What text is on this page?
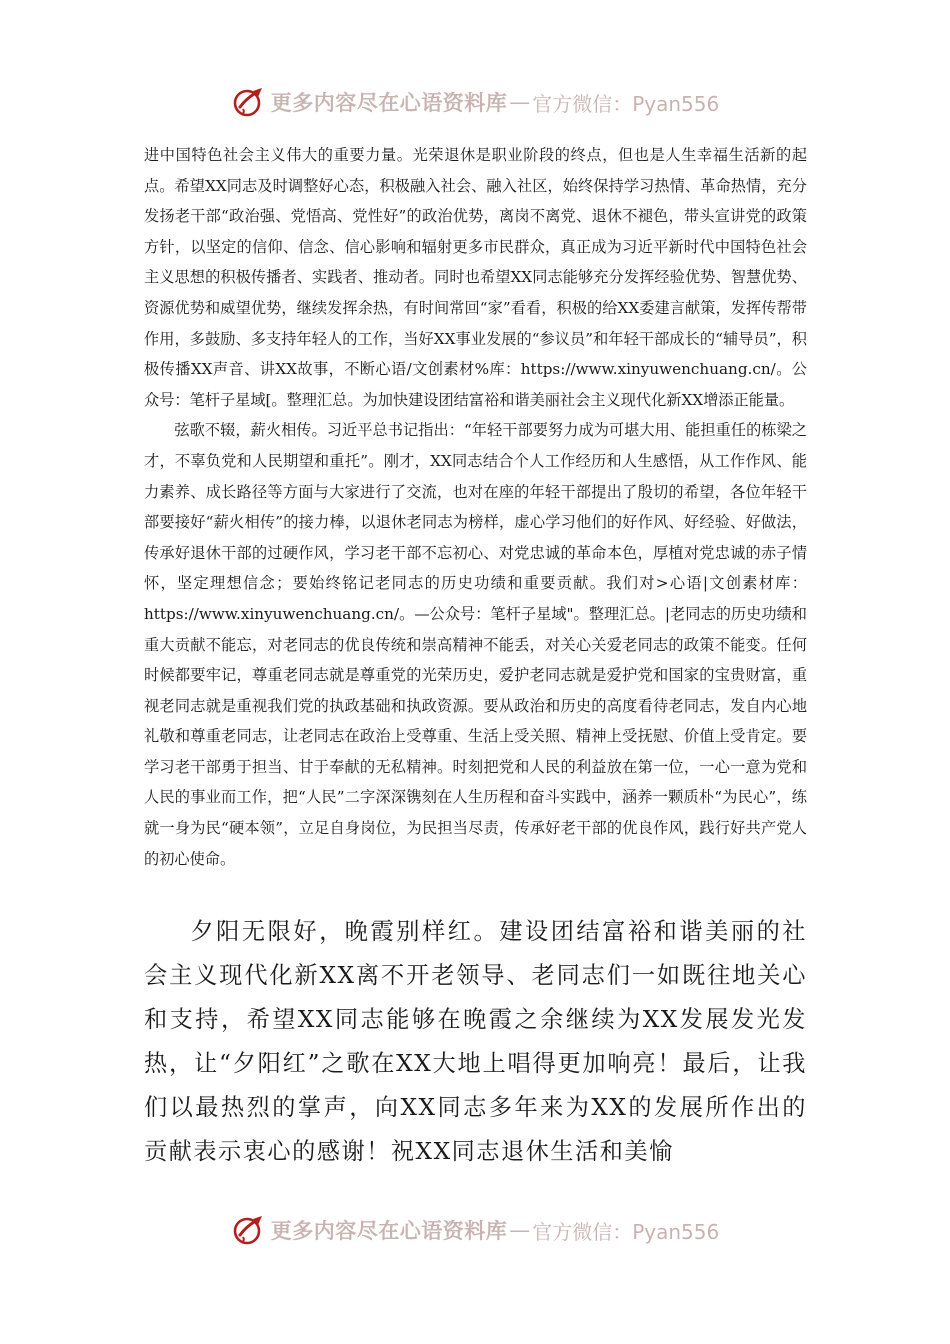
更多内容尽在心语资料库 — 官方微信：Pyan556

进中国特色社会主义伟大的重要力量。光荣退休是职业阶段的终点，但也是人生幸福生活新的起点。希望XX同志及时调整好心态，积极融入社会、融入社区，始终保持学习热情、革命热情，充分发扬老干部“政治强、党悟高、党性好”的政治优势，离岗不离党、退休不褪色，带头宣讲党的政策方针，以坚定的信仰、信念、信心影响和辐射更多市民群众，真正成为习近平新时代中国特色社会主义思想的积极传播者、实践者、推动者。同时也希望XX同志能够充分发挥经验优势、智慧优势、资源优势和威望优势，继续发挥余热，有时间常回“家”看看，积极的给XX委建言献策，发挥传帮带作用，多鼓励、多支持年轻人的工作，当好XX事业发展的“参议员”和年轻干部成长的“辅导员”，积极传播XX声音、讲XX故事，不断心语/文创素材%库：https://www.xinyuwenchuang.cn/。公众号：笔杆子星域[。整理汇总。为加快建设团结富裕和谐美丽社会主义现代化新XX增添正能量。

弦歌不辍，薪火相传。习近平总书记指出：“年轻干部要努力成为可堪大用、能担重任的栋梁之才，不辜负党和人民期望和重托”。刚才，XX同志结合个人工作经历和人生感悟，从工作作风、能力素养、成长路径等方面与大家进行了交流，也对在座的年轻干部提出了殷切的希望，各位年轻干部要接好“薪火相传”的接力棒，以退休老同志为榜样，虚心学习他们的好作风、好经验、好做法，传承好退休干部的过硬作风，学习老干部不忘初心、对党忠诚的革命本色，厚植对党忠诚的赤子情怀，坚定理想信念；要始终铭记老同志的历史功绩和重要贡献。我们对>心语|文创素材库：https://www.xinyuwenchuang.cn/。—公众号：笔杆子星域"。整理汇总。|老同志的历史功绩和重大贡献不能忘，对老同志的优良传统和崇高精神不能丢，对关心关爱老同志的政策不能变。任何时候都要牢记，尊重老同志就是尊重党的光荣历史，爱护老同志就是爱护党和国家的宝贵财富，重视老同志就是重视我们党的执政基础和执政资源。要从政治和历史的高度看待老同志，发自内心地礼敬和尊重老同志，让老同志在政治上受尊重、生活上受关照、精神上受抚慰、价值上受肯定。要学习老干部勇于担当、甘于奉献的无私精神。时刻把党和人民的利益放在第一位，一心一意为党和人民的事业而工作，把“人民”二字深深镌刻在人生历程和奋斗实践中，涵养一颗质朴“为民心”，练就一身为民“硬本领”，立足自身岗位，为民担当尽责，传承好老干部的优良作风，践行好共产党人的初心使命。

夕阳无限好，晚霞别样红。建设团结富裕和谐美丽的社会主义现代化新XX离不开老领导、老同志们一如既往地关心和支持，希望XX同志能够在晚霞之余继续为XX发展发光发热，让“夕阳红”之歌在XX大地上唱得更加响亮！最后，让我们以最热烈的掌声，向XX同志多年来为XX的发展所作出的贡献表示衷心的感谢！祝XX同志退休生活和美愉

更多内容尽在心语资料库 — 官方微信：Pyan556
